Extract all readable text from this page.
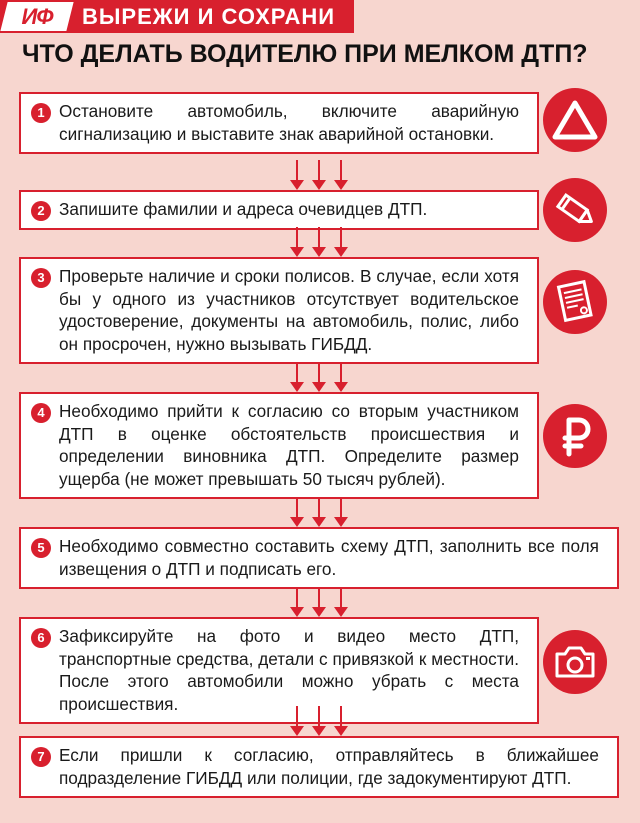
ИФ	ВЫРЕЖИ И СОХРАНИ
ЧТО ДЕЛАТЬ ВОДИТЕЛЮ ПРИ МЕЛКОМ ДТП?
1 Остановите автомобиль, включите аварийную сигнализацию и выставите знак аварийной остановки.
2 Запишите фамилии и адреса очевидцев ДТП.
3 Проверьте наличие и сроки полисов. В случае, если хотя бы у одного из участников отсутствует водительское удостоверение, документы на автомобиль, полис, либо он просрочен, нужно вызывать ГИБДД.
4 Необходимо прийти к согласию со вторым участником ДТП в оценке обстоятельств происшествия и определении виновника ДТП. Определите размер ущерба (не может превышать 50 тысяч рублей).
5 Необходимо совместно составить схему ДТП, заполнить все поля извещения о ДТП и подписать его.
6 Зафиксируйте на фото и видео место ДТП, транспортные средства, детали с привязкой к местности. После этого автомобили можно убрать с места происшествия.
7 Если пришли к согласию, отправляйтесь в ближайшее подразделение ГИБДД или полиции, где задокументируют ДТП.
